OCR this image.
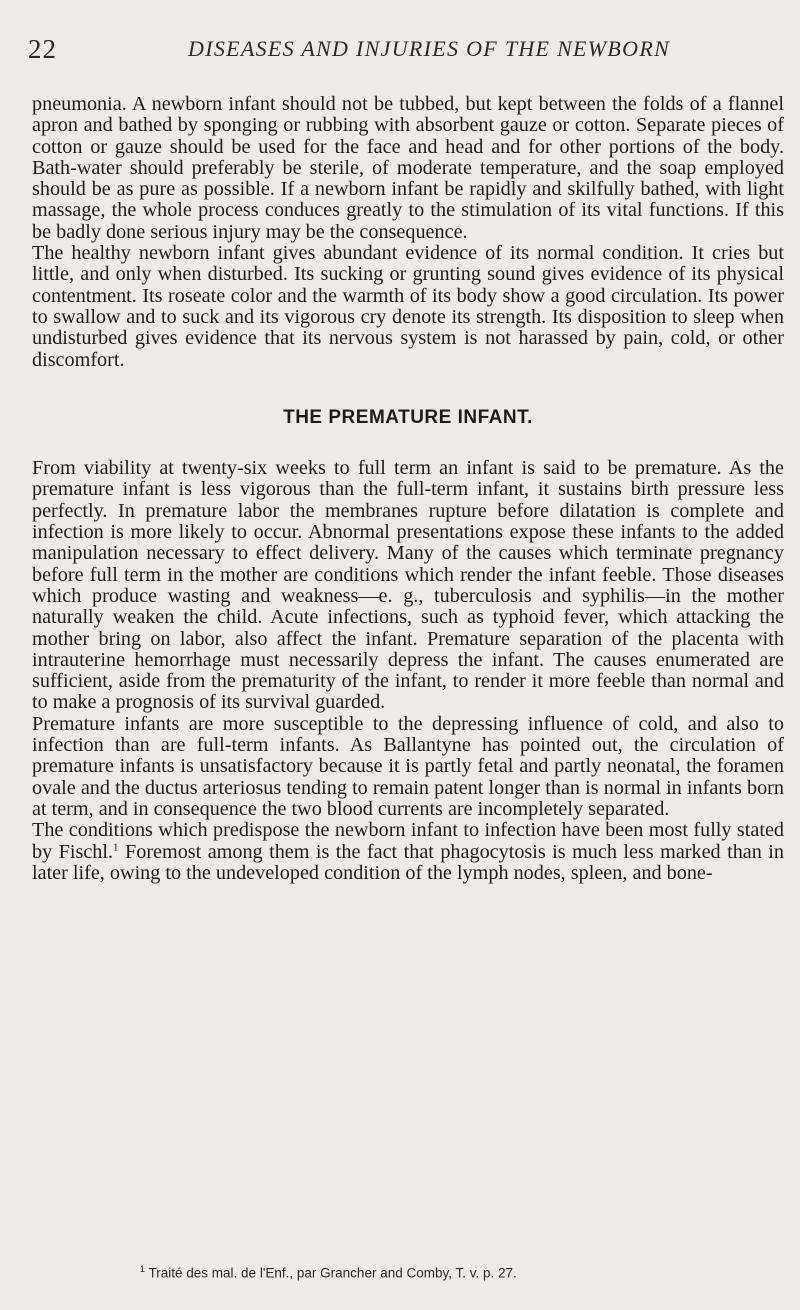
22	DISEASES AND INJURIES OF THE NEWBORN

pneumonia. A newborn infant should not be tubbed, but kept between the folds of a flannel apron and bathed by sponging or rubbing with absorbent gauze or cotton. Separate pieces of cotton or gauze should be used for the face and head and for other portions of the body. Bath-water should preferably be sterile, of moderate temperature, and the soap employed should be as pure as possible. If a newborn infant be rapidly and skilfully bathed, with light massage, the whole process conduces greatly to the stimulation of its vital functions. If this be badly done serious injury may be the consequence.

The healthy newborn infant gives abundant evidence of its normal condition. It cries but little, and only when disturbed. Its sucking or grunting sound gives evidence of its physical contentment. Its roseate color and the warmth of its body show a good circulation. Its power to swallow and to suck and its vigorous cry denote its strength. Its disposition to sleep when undisturbed gives evidence that its nervous system is not harassed by pain, cold, or other discomfort.

THE PREMATURE INFANT.

From viability at twenty-six weeks to full term an infant is said to be premature. As the premature infant is less vigorous than the full-term infant, it sustains birth pressure less perfectly. In premature labor the membranes rupture before dilatation is complete and infection is more likely to occur. Abnormal presentations expose these infants to the added manipulation necessary to effect delivery. Many of the causes which terminate pregnancy before full term in the mother are conditions which render the infant feeble. Those diseases which produce wasting and weakness—e. g., tuberculosis and syphilis—in the mother naturally weaken the child. Acute infections, such as typhoid fever, which attacking the mother bring on labor, also affect the infant. Premature separation of the placenta with intrauterine hemorrhage must necessarily depress the infant. The causes enumerated are sufficient, aside from the prematurity of the infant, to render it more feeble than normal and to make a prognosis of its survival guarded.

Premature infants are more susceptible to the depressing influence of cold, and also to infection than are full-term infants. As Ballantyne has pointed out, the circulation of premature infants is unsatisfactory because it is partly fetal and partly neonatal, the foramen ovale and the ductus arteriosus tending to remain patent longer than is normal in infants born at term, and in consequence the two blood currents are incompletely separated.

The conditions which predispose the newborn infant to infection have been most fully stated by Fischl.$^1$ Foremost among them is the fact that phagocytosis is much less marked than in later life, owing to the undeveloped condition of the lymph nodes, spleen, and bone-

$^1$ Traité des mal. de l'Enf., par Grancher and Comby, T. v. p. 27.
